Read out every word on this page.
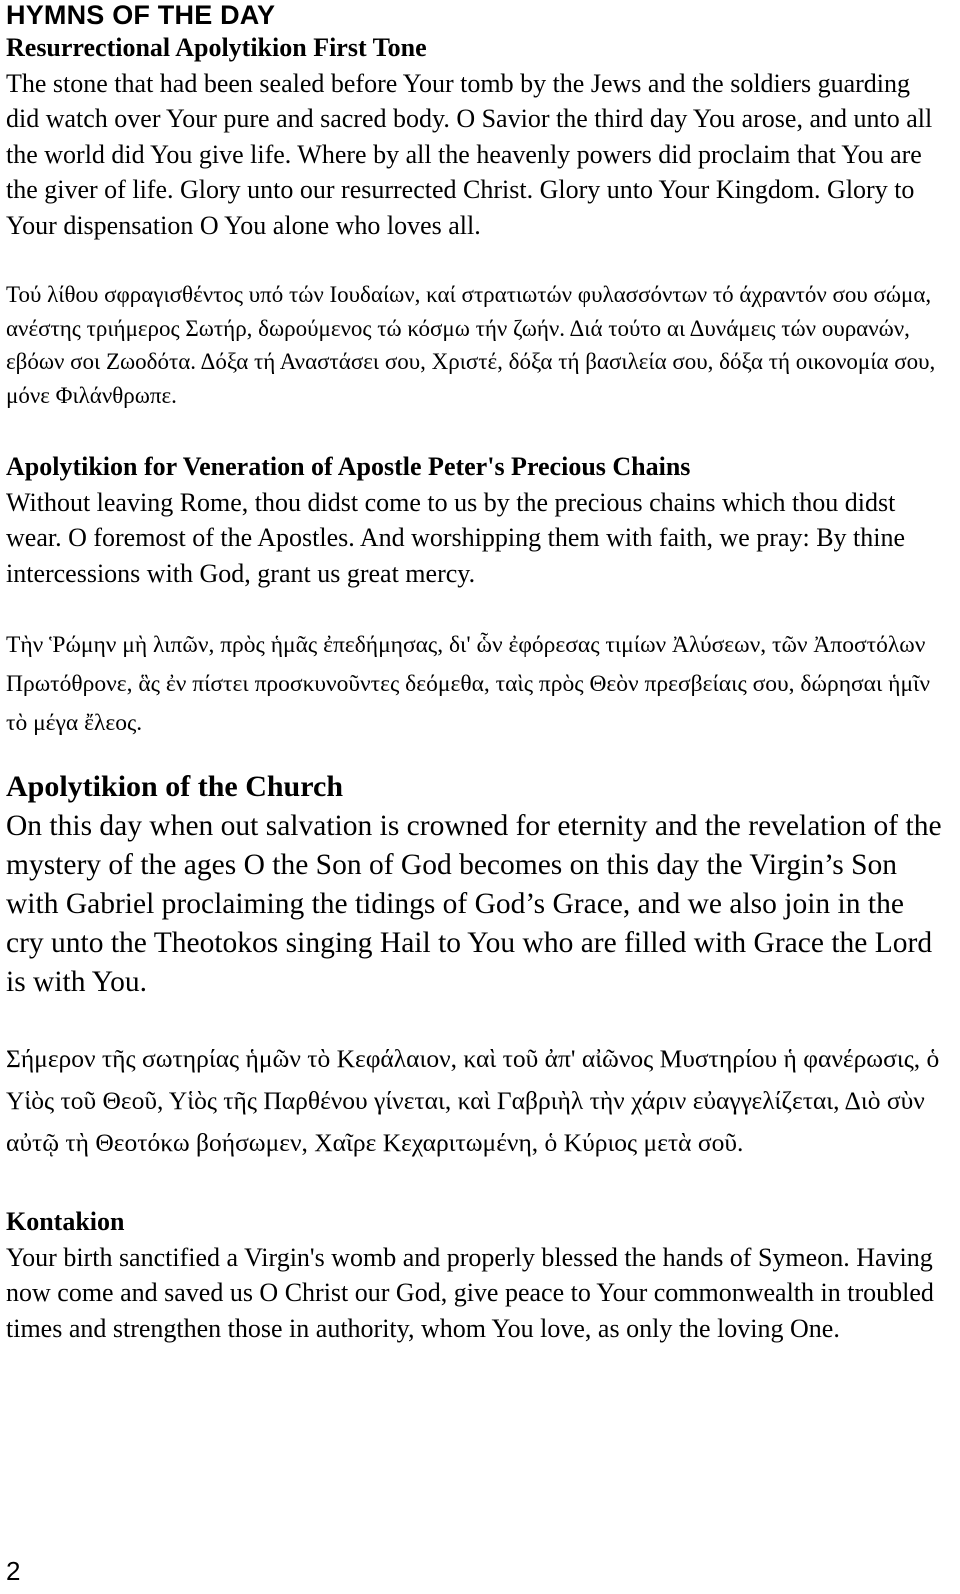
HYMNS OF THE DAY
Resurrectional Apolytikion First Tone

The stone that had been sealed before Your tomb by the Jews and the soldiers guarding did watch over Your pure and sacred body. O Savior the third day You arose, and unto all the world did You give life. Where by all the heavenly powers did proclaim that You are the giver of life. Glory unto our resurrected Christ. Glory unto Your Kingdom. Glory to Your dispensation O You alone who loves all.

Τού λίθου σφραγισθέντος υπό τών Ιουδαίων, καί στρατιωτών φυλασσόντων τό άχραντόν σου σώμα, ανέστης τριήμερος Σωτήρ, δωρούμενος τώ κόσμω τήν ζωήν. Διά τούτο αι Δυνάμεις τών ουρανών, εβόων σοι Ζωοδότα. Δόξα τή Αναστάσει σου, Χριστέ, δόξα τή βασιλεία σου, δόξα τή οικονομία σου, μόνε Φιλάνθρωπε.

Apolytikion for Veneration of Apostle Peter's Precious Chains

Without leaving Rome, thou didst come to us by the precious chains which thou didst wear. O foremost of the Apostles. And worshipping them with faith, we pray: By thine intercessions with God, grant us great mercy.

Τὴν Ῥώμην μὴ λιπῶν, πρὸς ἡμᾶς ἐπεδήμησας, δι' ὧν ἐφόρεσας τιμίων Ἀλύσεων, τῶν Ἀποστόλων Πρωτόθρονε, ἃς ἐν πίστει προσκυνοῦντες δεόμεθα, ταὶς πρὸς Θεὸν πρεσβείαις σου, δώρησαι ἡμῖν τὸ μέγα ἔλεος.

Apolytikion of the Church

On this day when out salvation is crowned for eternity and the revelation of the mystery of the ages O the Son of God becomes on this day the Virgin’s Son with Gabriel proclaiming the tidings of God’s Grace, and we also join in the cry unto the Theotokos singing Hail to You who are filled with Grace the Lord is with You.

Σήμερον τῆς σωτηρίας ἡμῶν τὸ Κεφάλαιον, καὶ τοῦ ἀπ' αἰῶνος Μυστηρίου ἡ φανέρωσις, ὁ Υἱὸς τοῦ Θεοῦ, Υἱὸς τῆς Παρθένου γίνεται, καὶ Γαβριὴλ τὴν χάριν εὐαγγελίζεται, Διὸ σὺν αὐτῷ τὴ Θεοτόκω βοήσωμεν, Χαῖρε Κεχαριτωμένη, ὁ Κύριος μετὰ σοῦ.

Kontakion

Your birth sanctified a Virgin's womb and properly blessed the hands of Symeon. Having now come and saved us O Christ our God, give peace to Your commonwealth in troubled times and strengthen those in authority, whom You love, as only the loving One.

2
